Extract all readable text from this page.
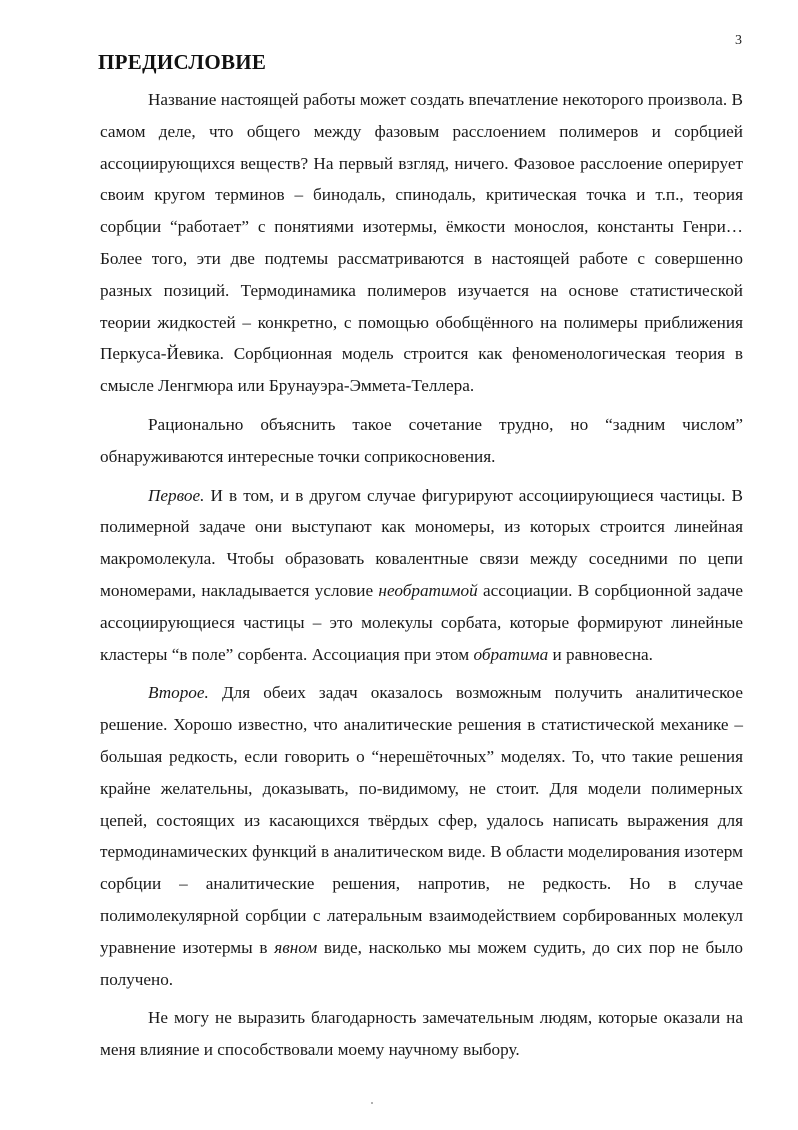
3
ПРЕДИСЛОВИЕ

Название настоящей работы может создать впечатление некоторого произвола. В самом деле, что общего между фазовым расслоением полимеров и сорбцией ассоциирующихся веществ? На первый взгляд, ничего. Фазовое расслоение оперирует своим кругом терминов – бинодаль, спинодаль, критическая точка и т.п., теория сорбции “работает” с понятиями изотермы, ёмкости монослоя, константы Генри…Более того, эти две подтемы рассматриваются в настоящей работе с совершенно разных позиций. Термодинамика полимеров изучается на основе статистической теории жидкостей – конкретно, с помощью обобщённого на полимеры приближения Перкуса-Йевика. Сорбционная модель строится как феноменологическая теория в смысле Ленгмюра или Брунауэра-Эммета-Теллера.

Рационально объяснить такое сочетание трудно, но “задним числом” обнаруживаются интересные точки соприкосновения.

Первое. И в том, и в другом случае фигурируют ассоциирующиеся частицы. В полимерной задаче они выступают как мономеры, из которых строится линейная макромолекула. Чтобы образовать ковалентные связи между соседними по цепи мономерами, накладывается условие необратимой ассоциации. В сорбционной задаче ассоциирующиеся частицы – это молекулы сорбата, которые формируют линейные кластеры “в поле” сорбента. Ассоциация при этом обратима и равновесна.

Второе. Для обеих задач оказалось возможным получить аналитическое решение. Хорошо известно, что аналитические решения в статистической механике – большая редкость, если говорить о “нерешёточных” моделях. То, что такие решения крайне желательны, доказывать, по-видимому, не стоит. Для модели полимерных цепей, состоящих из касающихся твёрдых сфер, удалось написать выражения для термодинамических функций в аналитическом виде. В области моделирования изотерм сорбции – аналитические решения, напротив, не редкость. Но в случае полимолекулярной сорбции с латеральным взаимодействием сорбированных молекул уравнение изотермы в явном виде, насколько мы можем судить, до сих пор не было получено.

Не могу не выразить благодарность замечательным людям, которые оказали на меня влияние и способствовали моему научному выбору.
